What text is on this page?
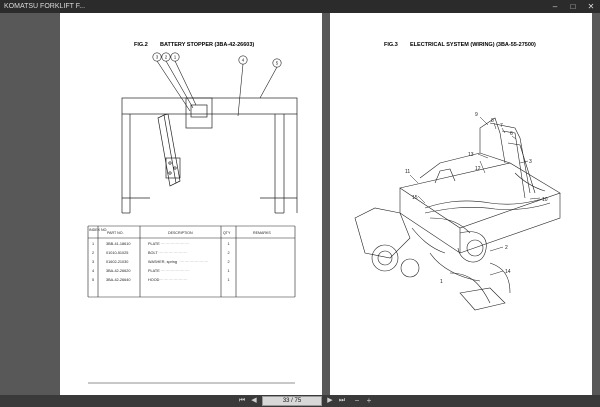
KOMATSU FORKLIFT F...	–	□	✕
FIG.2 BATTERY STOPPER (3BA-42-26603)
3 2 1
4
5
INDEX NO.
PART NO.	DESCRIPTION	QTY	REMARKS
1	3BB-41-18610	PLATE	1
·······················
2	01010-51025	BOLT	2
·······················
3	01602-21030	WASHER, spring	2
·······················
4	3BA-42-26620	PLATE	1
·······················
5	3BA-42-26640	HOOD	1
·······················
FIG.3 ELECTRICAL SYSTEM (WIRING) (3BA-55-27500)
9
8
7
6
13
3
15	10
11	12
2
14
1
⏮ ◀	33 / 75	▶ ⏭	− +
